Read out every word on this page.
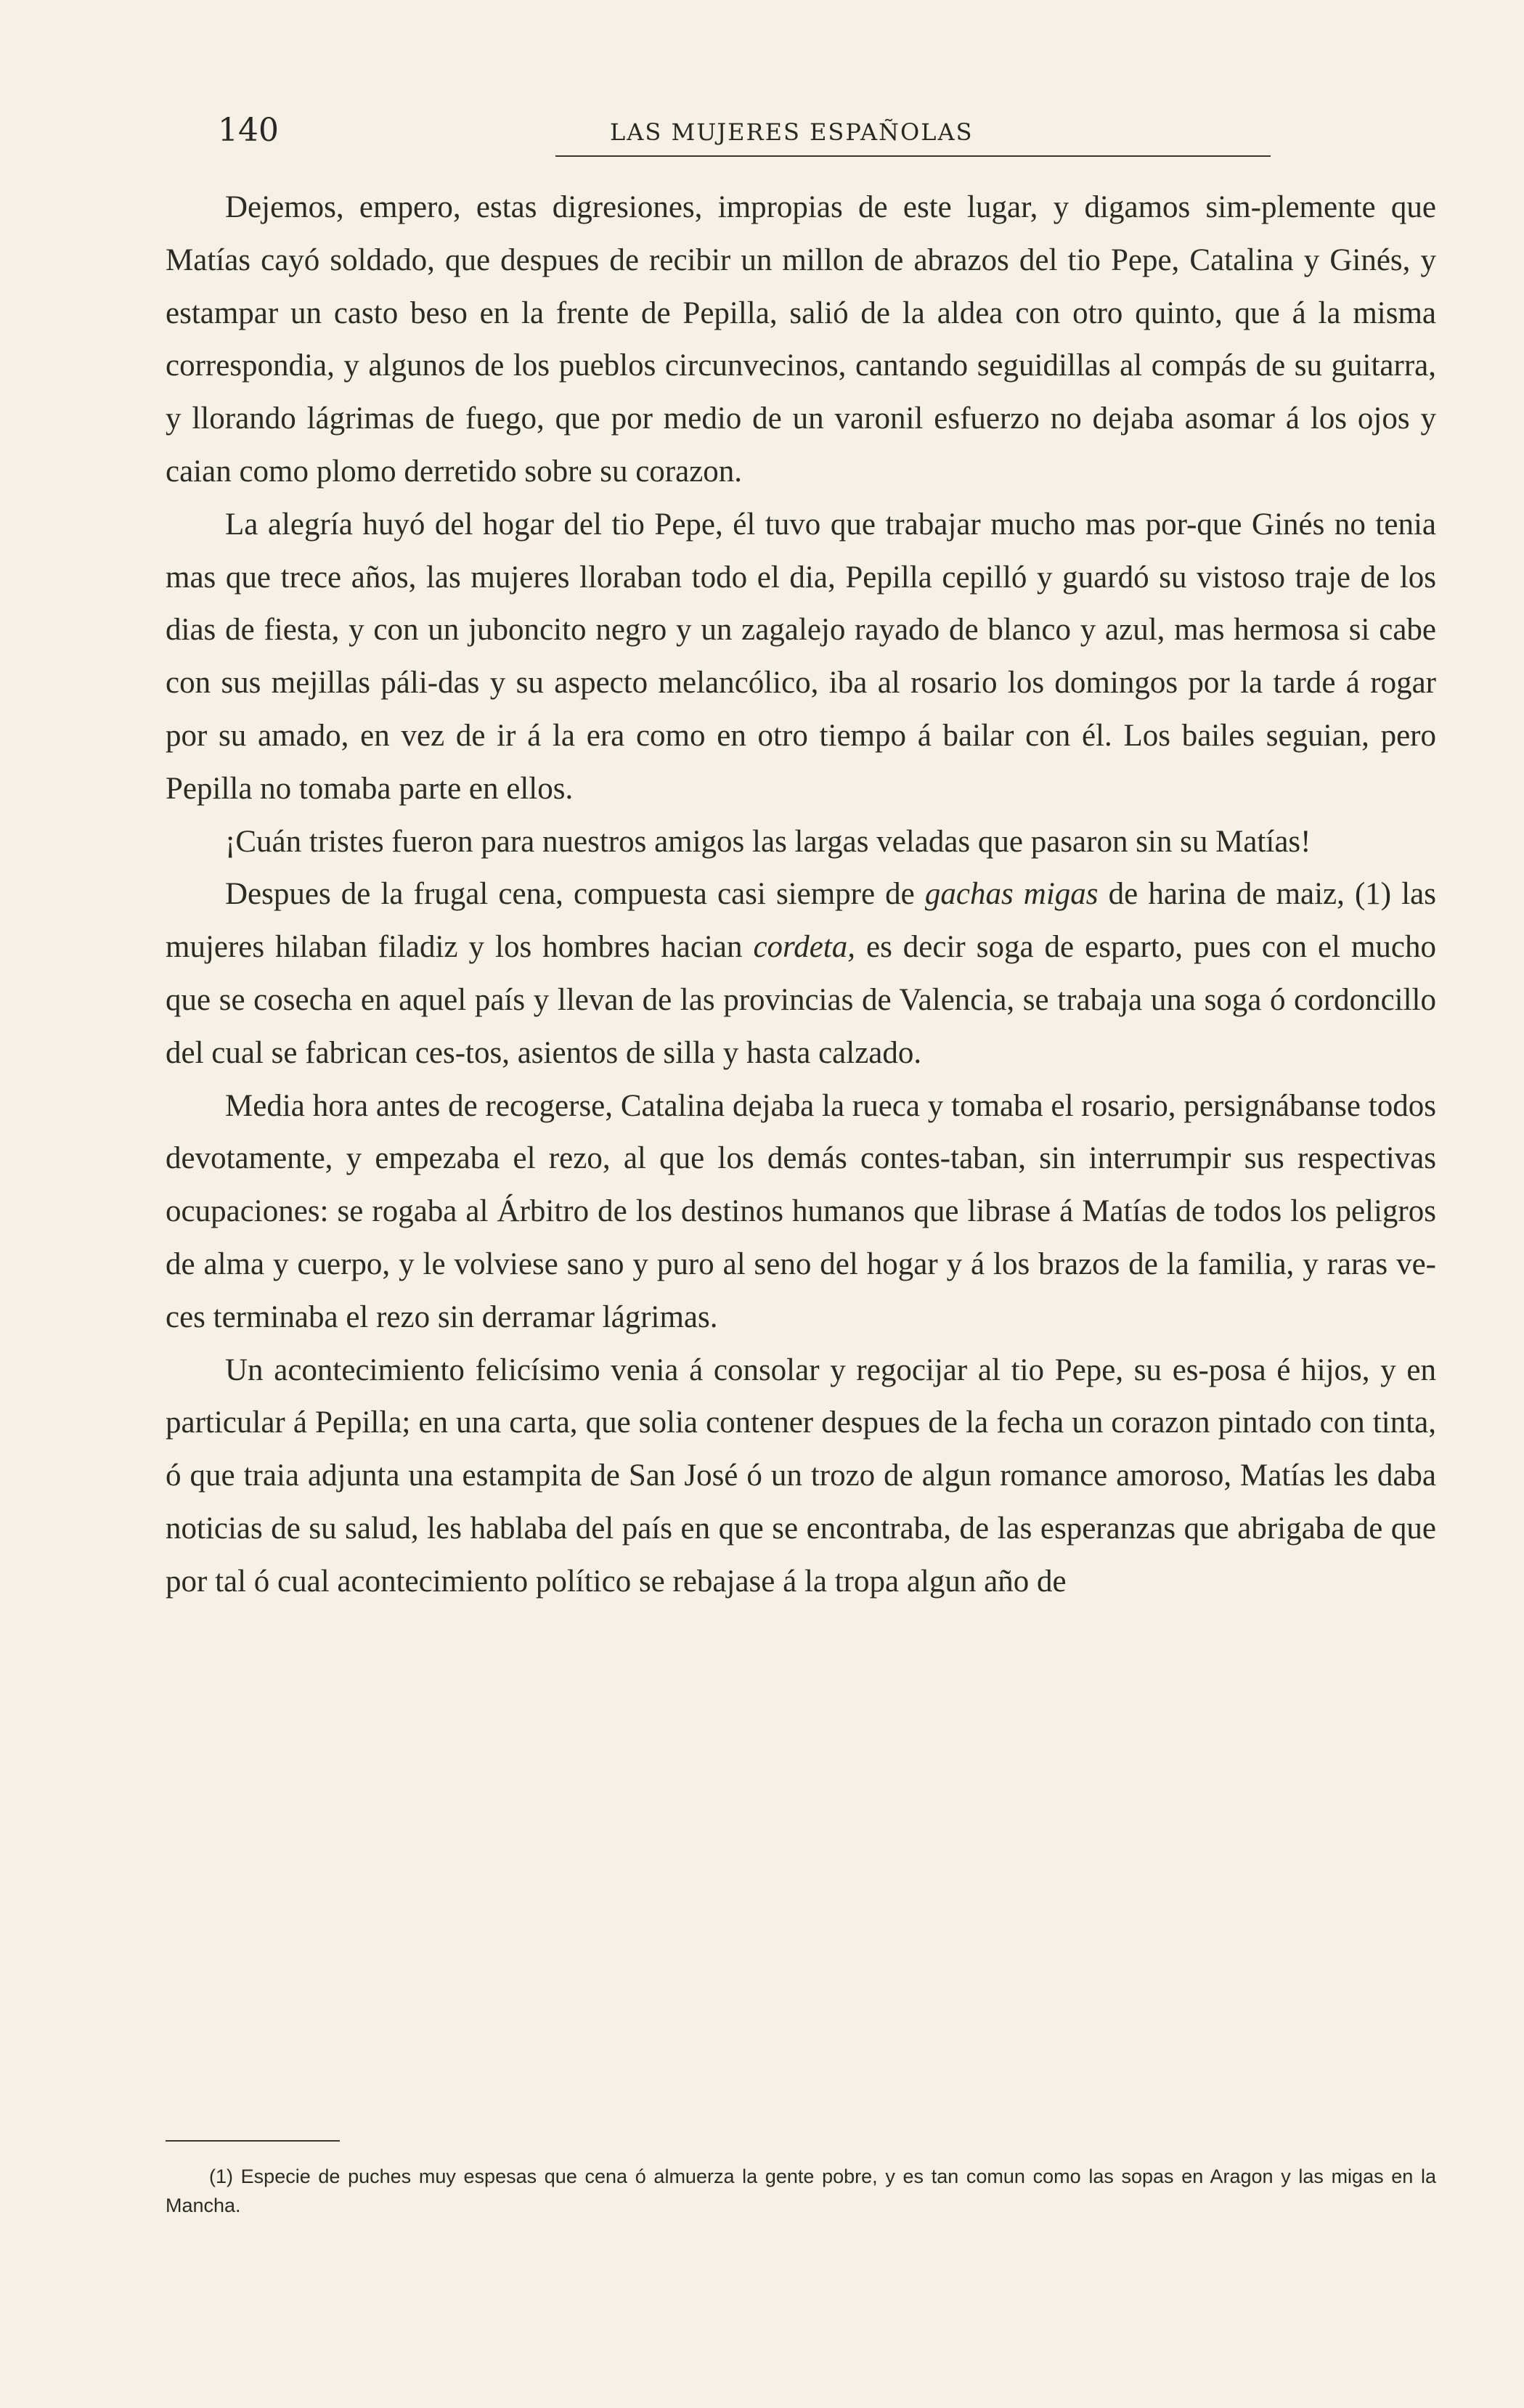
140	LAS MUJERES ESPAÑOLAS

Dejemos, empero, estas digresiones, impropias de este lugar, y digamos sim-plemente que Matías cayó soldado, que despues de recibir un millon de abrazos del tio Pepe, Catalina y Ginés, y estampar un casto beso en la frente de Pepilla, salió de la aldea con otro quinto, que á la misma correspondia, y algunos de los pueblos circunvecinos, cantando seguidillas al compás de su guitarra, y llorando lágrimas de fuego, que por medio de un varonil esfuerzo no dejaba asomar á los ojos y caian como plomo derretido sobre su corazon.

La alegría huyó del hogar del tio Pepe, él tuvo que trabajar mucho mas por-que Ginés no tenia mas que trece años, las mujeres lloraban todo el dia, Pepilla cepilló y guardó su vistoso traje de los dias de fiesta, y con un juboncito negro y un zagalejo rayado de blanco y azul, mas hermosa si cabe con sus mejillas páli-das y su aspecto melancólico, iba al rosario los domingos por la tarde á rogar por su amado, en vez de ir á la era como en otro tiempo á bailar con él. Los bailes seguian, pero Pepilla no tomaba parte en ellos.

¡Cuán tristes fueron para nuestros amigos las largas veladas que pasaron sin su Matías!

Despues de la frugal cena, compuesta casi siempre de gachas migas de harina de maiz, (1) las mujeres hilaban filadiz y los hombres hacian cordeta, es decir soga de esparto, pues con el mucho que se cosecha en aquel país y llevan de las provincias de Valencia, se trabaja una soga ó cordoncillo del cual se fabrican ces-tos, asientos de silla y hasta calzado.

Media hora antes de recogerse, Catalina dejaba la rueca y tomaba el rosario, persignábanse todos devotamente, y empezaba el rezo, al que los demás contes-taban, sin interrumpir sus respectivas ocupaciones: se rogaba al Árbitro de los destinos humanos que librase á Matías de todos los peligros de alma y cuerpo, y le volviese sano y puro al seno del hogar y á los brazos de la familia, y raras ve-ces terminaba el rezo sin derramar lágrimas.

Un acontecimiento felicísimo venia á consolar y regocijar al tio Pepe, su es-posa é hijos, y en particular á Pepilla; en una carta, que solia contener despues de la fecha un corazon pintado con tinta, ó que traia adjunta una estampita de San José ó un trozo de algun romance amoroso, Matías les daba noticias de su salud, les hablaba del país en que se encontraba, de las esperanzas que abrigaba de que por tal ó cual acontecimiento político se rebajase á la tropa algun año de

(1) Especie de puches muy espesas que cena ó almuerza la gente pobre, y es tan comun como las sopas en Aragon y las migas en la Mancha.
